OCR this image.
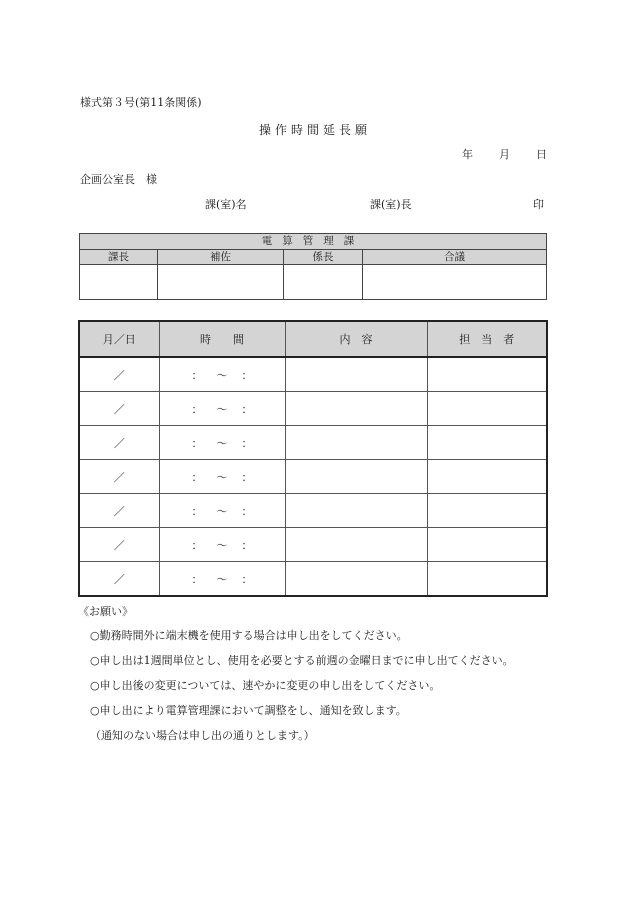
様式第３号(第11条関係)
操作時間延長願
年 月 日
企画公室長　様
課(室)名	課(室)長	印
電算管理課			
課長	補佐	係長	合議

月／日	時　　間	内　容	担　当　者
／	： 〜 ：		
／	： 〜 ：		
／	： 〜 ：		
／	： 〜 ：		
／	： 〜 ：		
／	： 〜 ：		
／	： 〜 ：		
《お願い》
○勤務時間外に端末機を使用する場合は申し出をしてください。
○申し出は1週間単位とし、使用を必要とする前週の金曜日までに申し出てください。
○申し出後の変更については、速やかに変更の申し出をしてください。
○申し出により電算管理課において調整をし、通知を致します。
（通知のない場合は申し出の通りとします。）
